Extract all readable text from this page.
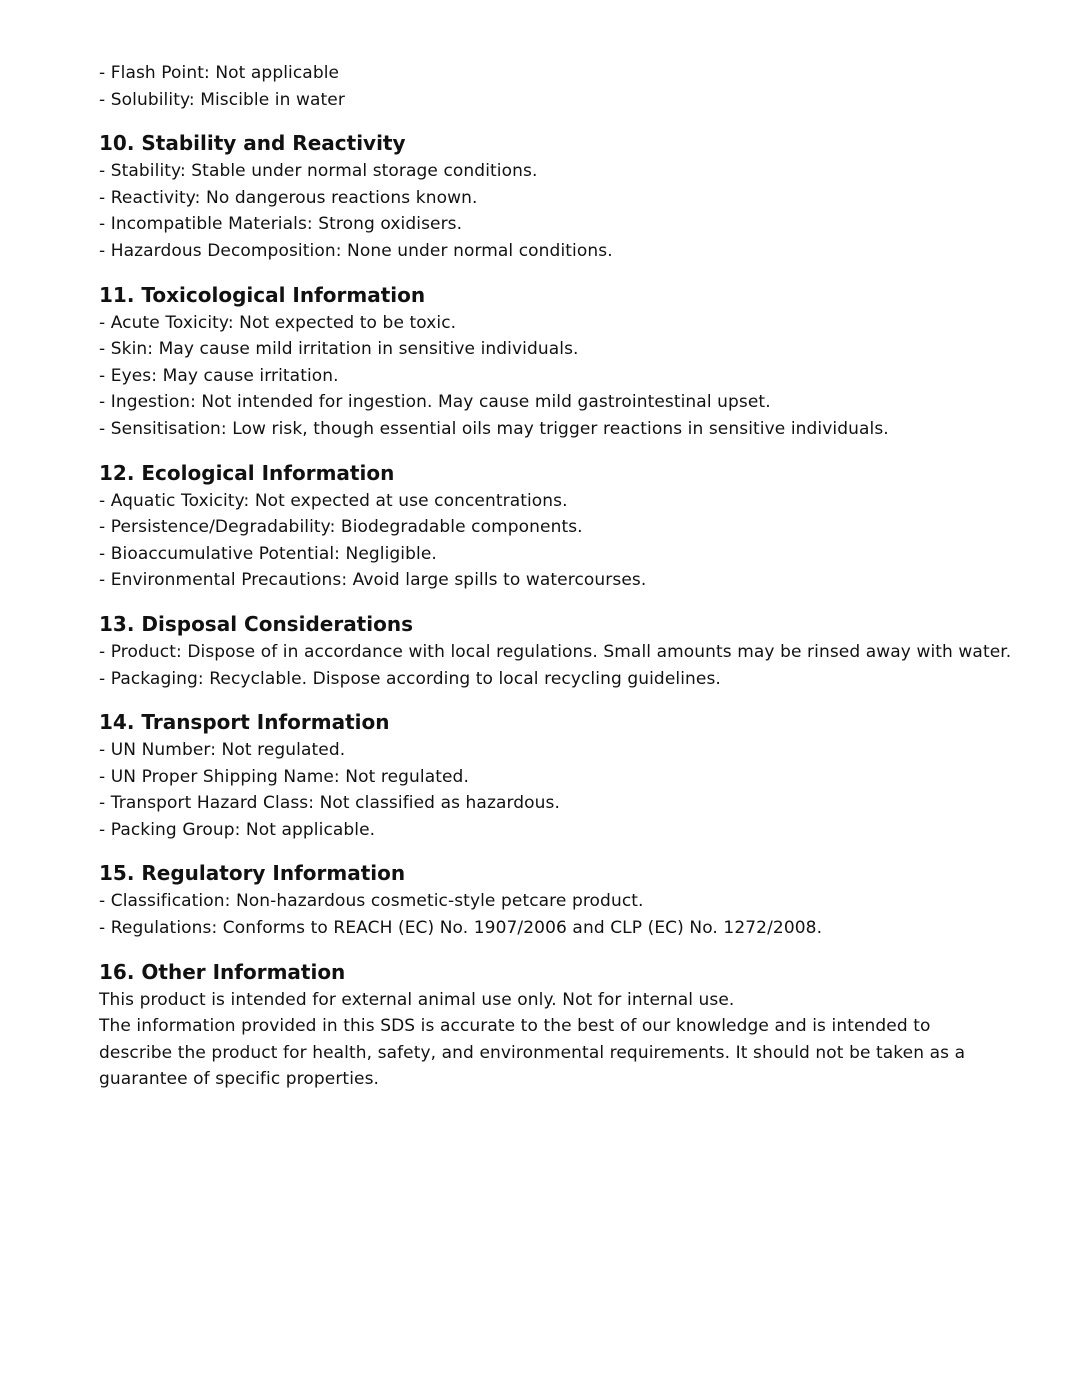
- Flash Point: Not applicable
- Solubility: Miscible in water
10. Stability and Reactivity
- Stability: Stable under normal storage conditions.
- Reactivity: No dangerous reactions known.
- Incompatible Materials: Strong oxidisers.
- Hazardous Decomposition: None under normal conditions.
11. Toxicological Information
- Acute Toxicity: Not expected to be toxic.
- Skin: May cause mild irritation in sensitive individuals.
- Eyes: May cause irritation.
- Ingestion: Not intended for ingestion. May cause mild gastrointestinal upset.
- Sensitisation: Low risk, though essential oils may trigger reactions in sensitive individuals.
12. Ecological Information
- Aquatic Toxicity: Not expected at use concentrations.
- Persistence/Degradability: Biodegradable components.
- Bioaccumulative Potential: Negligible.
- Environmental Precautions: Avoid large spills to watercourses.
13. Disposal Considerations
- Product: Dispose of in accordance with local regulations. Small amounts may be rinsed away with water.
- Packaging: Recyclable. Dispose according to local recycling guidelines.
14. Transport Information
- UN Number: Not regulated.
- UN Proper Shipping Name: Not regulated.
- Transport Hazard Class: Not classified as hazardous.
- Packing Group: Not applicable.
15. Regulatory Information
- Classification: Non-hazardous cosmetic-style petcare product.
- Regulations: Conforms to REACH (EC) No. 1907/2006 and CLP (EC) No. 1272/2008.
16. Other Information

This product is intended for external animal use only. Not for internal use.

The information provided in this SDS is accurate to the best of our knowledge and is intended to describe the product for health, safety, and environmental requirements. It should not be taken as a guarantee of specific properties.
